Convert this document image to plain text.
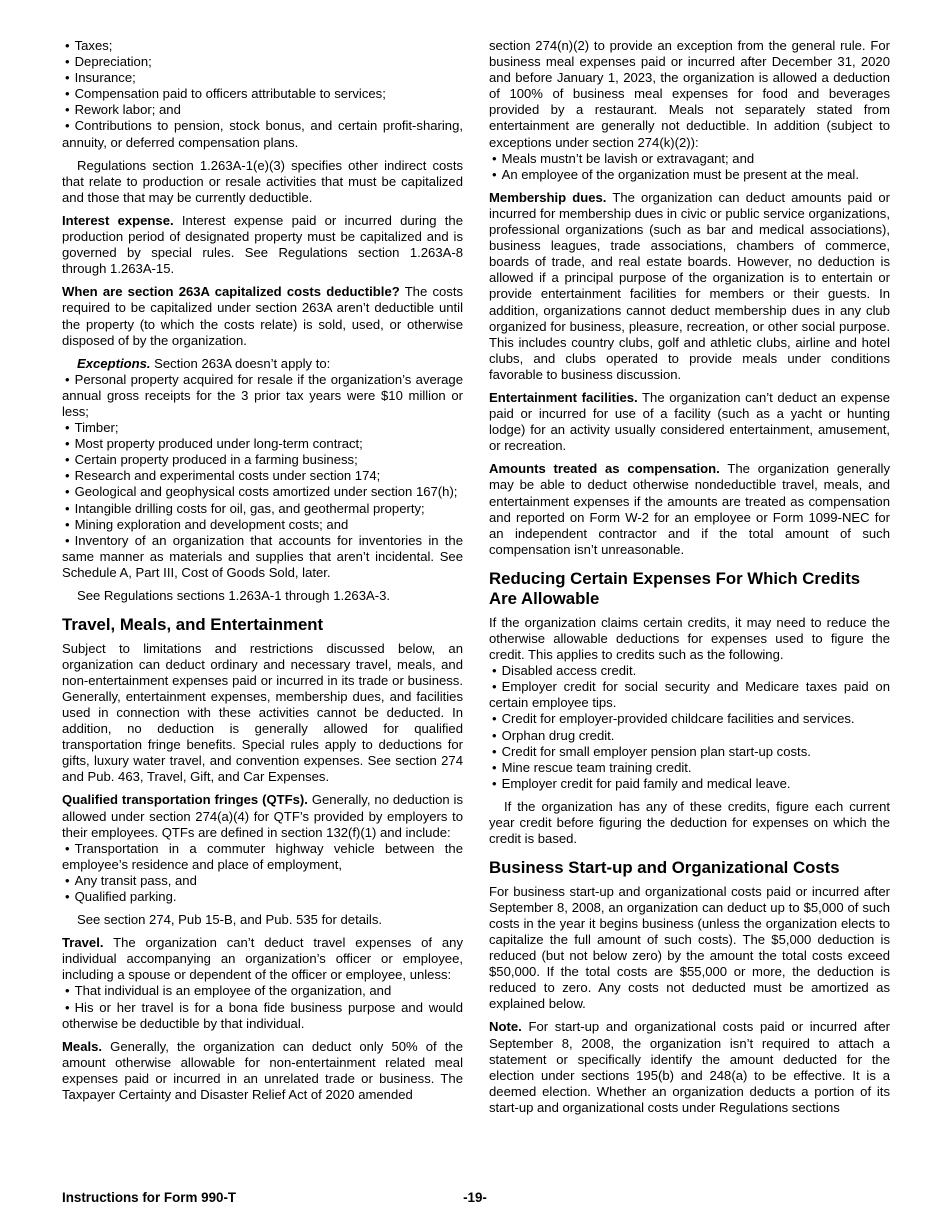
• Taxes;
• Depreciation;
• Insurance;
• Compensation paid to officers attributable to services;
• Rework labor; and
• Contributions to pension, stock bonus, and certain profit-sharing, annuity, or deferred compensation plans.
Regulations section 1.263A-1(e)(3) specifies other indirect costs that relate to production or resale activities that must be capitalized and those that may be currently deductible.
Interest expense. Interest expense paid or incurred during the production period of designated property must be capitalized and is governed by special rules. See Regulations section 1.263A-8 through 1.263A-15.
When are section 263A capitalized costs deductible? The costs required to be capitalized under section 263A aren’t deductible until the property (to which the costs relate) is sold, used, or otherwise disposed of by the organization.
Exceptions. Section 263A doesn’t apply to:
• Personal property acquired for resale if the organization’s average annual gross receipts for the 3 prior tax years were $10 million or less;
• Timber;
• Most property produced under long-term contract;
• Certain property produced in a farming business;
• Research and experimental costs under section 174;
• Geological and geophysical costs amortized under section 167(h);
• Intangible drilling costs for oil, gas, and geothermal property;
• Mining exploration and development costs; and
• Inventory of an organization that accounts for inventories in the same manner as materials and supplies that aren’t incidental. See Schedule A, Part III, Cost of Goods Sold, later.
See Regulations sections 1.263A-1 through 1.263A-3.
Travel, Meals, and Entertainment
Subject to limitations and restrictions discussed below, an organization can deduct ordinary and necessary travel, meals, and non-entertainment expenses paid or incurred in its trade or business. Generally, entertainment expenses, membership dues, and facilities used in connection with these activities cannot be deducted. In addition, no deduction is generally allowed for qualified transportation fringe benefits. Special rules apply to deductions for gifts, luxury water travel, and convention expenses. See section 274 and Pub. 463, Travel, Gift, and Car Expenses.
Qualified transportation fringes (QTFs). Generally, no deduction is allowed under section 274(a)(4) for QTF’s provided by employers to their employees. QTFs are defined in section 132(f)(1) and include:
• Transportation in a commuter highway vehicle between the employee’s residence and place of employment,
• Any transit pass, and
• Qualified parking.
See section 274, Pub 15-B, and Pub. 535 for details.
Travel. The organization can’t deduct travel expenses of any individual accompanying an organization’s officer or employee, including a spouse or dependent of the officer or employee, unless:
• That individual is an employee of the organization, and
• His or her travel is for a bona fide business purpose and would otherwise be deductible by that individual.
Meals. Generally, the organization can deduct only 50% of the amount otherwise allowable for non-entertainment related meal expenses paid or incurred in an unrelated trade or business. The Taxpayer Certainty and Disaster Relief Act of 2020 amended
section 274(n)(2) to provide an exception from the general rule. For business meal expenses paid or incurred after December 31, 2020 and before January 1, 2023, the organization is allowed a deduction of 100% of business meal expenses for food and beverages provided by a restaurant. Meals not separately stated from entertainment are generally not deductible. In addition (subject to exceptions under section 274(k)(2)):
• Meals mustn’t be lavish or extravagant; and
• An employee of the organization must be present at the meal.
Membership dues. The organization can deduct amounts paid or incurred for membership dues in civic or public service organizations, professional organizations (such as bar and medical associations), business leagues, trade associations, chambers of commerce, boards of trade, and real estate boards. However, no deduction is allowed if a principal purpose of the organization is to entertain or provide entertainment facilities for members or their guests. In addition, organizations cannot deduct membership dues in any club organized for business, pleasure, recreation, or other social purpose. This includes country clubs, golf and athletic clubs, airline and hotel clubs, and clubs operated to provide meals under conditions favorable to business discussion.
Entertainment facilities. The organization can’t deduct an expense paid or incurred for use of a facility (such as a yacht or hunting lodge) for an activity usually considered entertainment, amusement, or recreation.
Amounts treated as compensation. The organization generally may be able to deduct otherwise nondeductible travel, meals, and entertainment expenses if the amounts are treated as compensation and reported on Form W-2 for an employee or Form 1099-NEC for an independent contractor and if the total amount of such compensation isn’t unreasonable.
Reducing Certain Expenses For Which Credits Are Allowable
If the organization claims certain credits, it may need to reduce the otherwise allowable deductions for expenses used to figure the credit. This applies to credits such as the following.
• Disabled access credit.
• Employer credit for social security and Medicare taxes paid on certain employee tips.
• Credit for employer-provided childcare facilities and services.
• Orphan drug credit.
• Credit for small employer pension plan start-up costs.
• Mine rescue team training credit.
• Employer credit for paid family and medical leave.
If the organization has any of these credits, figure each current year credit before figuring the deduction for expenses on which the credit is based.
Business Start-up and Organizational Costs
For business start-up and organizational costs paid or incurred after September 8, 2008, an organization can deduct up to $5,000 of such costs in the year it begins business (unless the organization elects to capitalize the full amount of such costs). The $5,000 deduction is reduced (but not below zero) by the amount the total costs exceed $50,000. If the total costs are $55,000 or more, the deduction is reduced to zero. Any costs not deducted must be amortized as explained below.
Note. For start-up and organizational costs paid or incurred after September 8, 2008, the organization isn’t required to attach a statement or specifically identify the amount deducted for the election under sections 195(b) and 248(a) to be effective. It is a deemed election. Whether an organization deducts a portion of its start-up and organizational costs under Regulations sections
-19-
Instructions for Form 990-T
